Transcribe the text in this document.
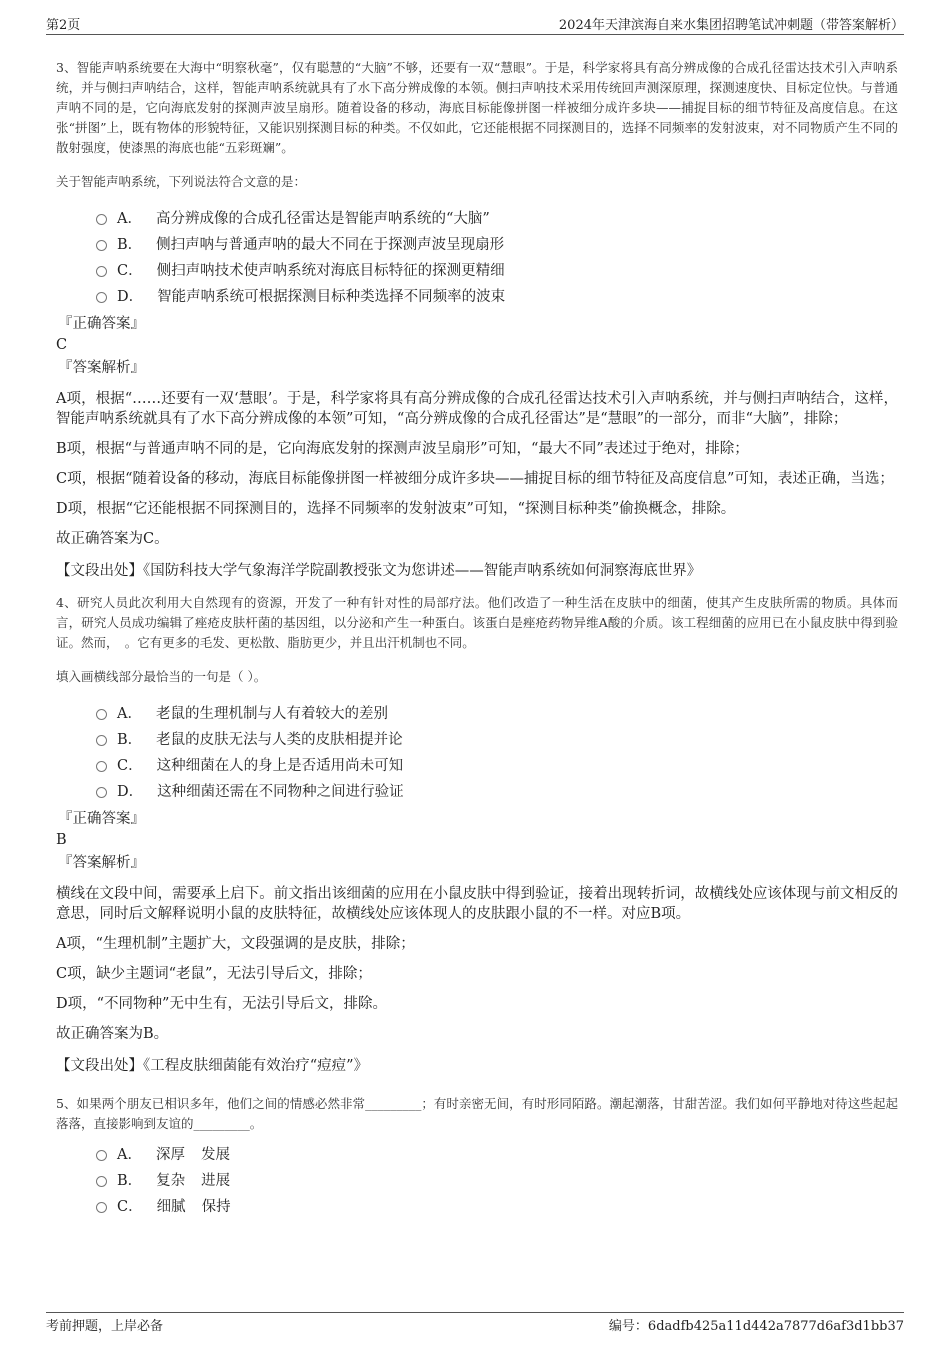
第2页	2024年天津滨海自来水集团招聘笔试冲刺题（带答案解析）
3、智能声呐系统要在大海中“明察秋毫”，仅有聪慧的“大脑”不够，还要有一双“慧眼”。于是，科学家将具有高分辨成像的合成孔径雷达技术引入声呐系统，并与侧扫声呐结合，这样，智能声呐系统就具有了水下高分辨成像的本领。侧扫声呐技术采用传统回声测深原理，探测速度快、目标定位快。与普通声呐不同的是，它向海底发射的探测声波呈扇形。随着设备的移动，海底目标能像拼图一样被细分成许多块——捕捉目标的细节特征及高度信息。在这张“拼图”上，既有物体的形貌特征，又能识别探测目标的种类。不仅如此，它还能根据不同探测目的，选择不同频率的发射波束，对不同物质产生不同的散射强度，使漆黑的海底也能“五彩斑斓”。
关于智能声呐系统，下列说法符合文意的是：
A． 高分辨成像的合成孔径雷达是智能声呐系统的“大脑”
B． 侧扫声呐与普通声呐的最大不同在于探测声波呈现扇形
C． 侧扫声呐技术使声呐系统对海底目标特征的探测更精细
D． 智能声呐系统可根据探测目标种类选择不同频率的波束
『正确答案』
C
『答案解析』

A项，根据“……还要有一双‘慧眼’。于是，科学家将具有高分辨成像的合成孔径雷达技术引入声呐系统，并与侧扫声呐结合，这样，智能声呐系统就具有了水下高分辨成像的本领”可知，“高分辨成像的合成孔径雷达”是“慧眼”的一部分，而非“大脑”，排除；

B项，根据“与普通声呐不同的是，它向海底发射的探测声波呈扇形”可知，“最大不同”表述过于绝对，排除；

C项，根据“随着设备的移动，海底目标能像拼图一样被细分成许多块——捕捉目标的细节特征及高度信息”可知，表述正确，当选；

D项，根据“它还能根据不同探测目的，选择不同频率的发射波束”可知，“探测目标种类”偷换概念，排除。

故正确答案为C。

【文段出处】《国防科技大学气象海洋学院副教授张文为您讲述——智能声呐系统如何洞察海底世界》
4、研究人员此次利用大自然现有的资源，开发了一种有针对性的局部疗法。他们改造了一种生活在皮肤中的细菌，使其产生皮肤所需的物质。具体而言，研究人员成功编辑了痤疮皮肤杆菌的基因组，以分泌和产生一种蛋白。该蛋白是痤疮药物异维A酸的介质。该工程细菌的应用已在小鼠皮肤中得到验证。然而，　。它有更多的毛发、更松散、脂肪更少，并且出汗机制也不同。
填入画横线部分最恰当的一句是（ ）。
A． 老鼠的生理机制与人有着较大的差别
B． 老鼠的皮肤无法与人类的皮肤相提并论
C． 这种细菌在人的身上是否适用尚未可知
D． 这种细菌还需在不同物种之间进行验证
『正确答案』
B
『答案解析』

横线在文段中间，需要承上启下。前文指出该细菌的应用在小鼠皮肤中得到验证，接着出现转折词，故横线处应该体现与前文相反的意思，同时后文解释说明小鼠的皮肤特征，故横线处应该体现人的皮肤跟小鼠的不一样。对应B项。

A项，“生理机制”主题扩大，文段强调的是皮肤，排除；

C项，缺少主题词“老鼠”，无法引导后文，排除；

D项，“不同物种”无中生有，无法引导后文，排除。

故正确答案为B。

【文段出处】《工程皮肤细菌能有效治疗“痘痘”》
5、如果两个朋友已相识多年，他们之间的情感必然非常_________；有时亲密无间，有时形同陌路。潮起潮落，甘甜苦涩。我们如何平静地对待这些起起落落，直接影响到友谊的_________。
A． 深厚 发展
B． 复杂 进展
C． 细腻 保持
考前押题，上岸必备	编号：6dadfb425a11d442a7877d6af3d1bb37
